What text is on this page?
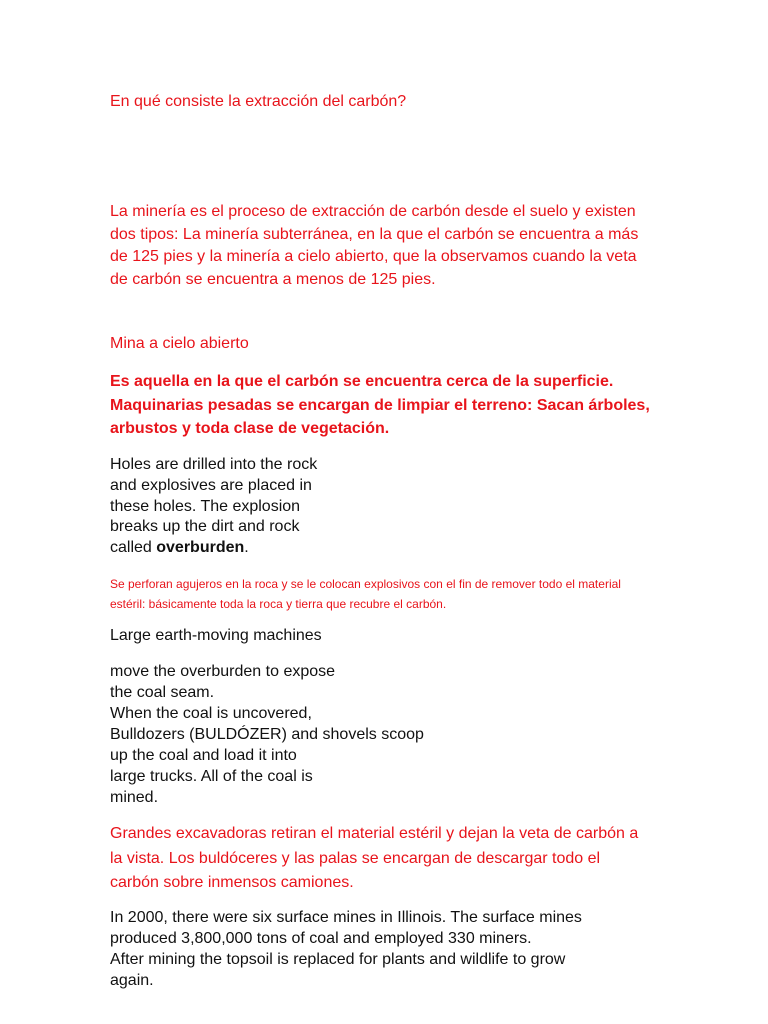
En qué consiste la extracción del carbón?

La minería es el proceso de extracción de carbón desde el suelo y existen dos tipos: La minería subterránea, en la que el carbón se encuentra a más de 125 pies y la minería a cielo abierto, que la observamos cuando la veta de carbón se encuentra a menos de 125 pies.

Mina a cielo abierto

Es aquella en la que el carbón se encuentra cerca de la superficie. Maquinarias pesadas se encargan de limpiar el terreno: Sacan árboles, arbustos y toda clase de vegetación.

Holes are drilled into the rock
and explosives are placed in
these holes. The explosion
breaks up the dirt and rock
called overburden.

Se perforan agujeros en la roca y se le colocan explosivos con el fin de remover todo el material estéril: básicamente toda la roca y tierra que recubre el carbón.

Large earth-moving machines

move the overburden to expose
the coal seam.
When the coal is uncovered,
Bulldozers (BULDÓZER) and shovels scoop
up the coal and load it into
large trucks. All of the coal is
mined.

Grandes excavadoras retiran el material estéril y dejan la veta de carbón a la vista. Los buldóceres y las palas se encargan de descargar todo el carbón sobre inmensos camiones.

In 2000, there were six surface mines in Illinois. The surface mines
produced 3,800,000 tons of coal and employed 330 miners.
After mining the topsoil is replaced for plants and wildlife to grow
again.
